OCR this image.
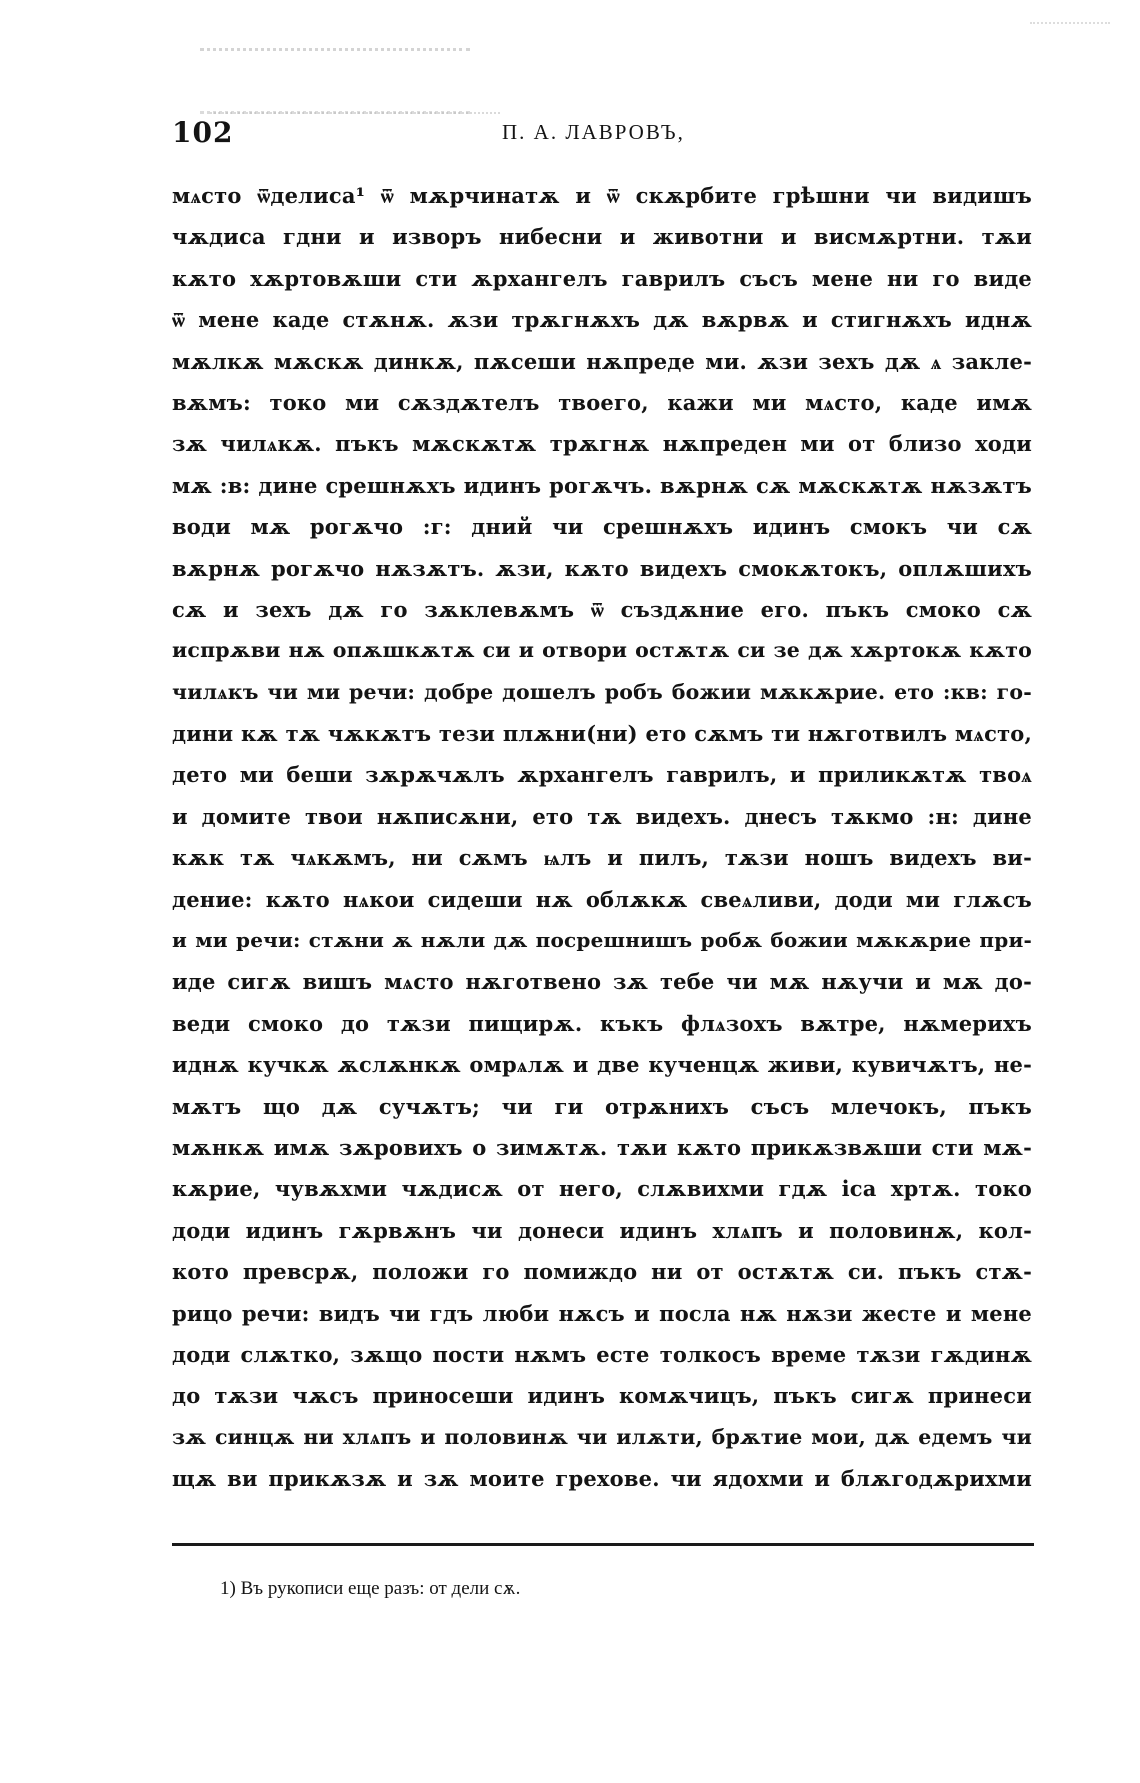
102	П. А. ЛАВРОВЪ,
мѧсто ѿделиса¹ ѿ мѫрчинатѫ и ѿ скѫрбите грѣшни чи видишъ
чѫдиса гдни и изворъ нибесни и животни и висмѫртни. тѫи
кѫто хѫртовѫши сти ѫрхангелъ гаврилъ съсъ мене ни го виде
ѿ мене каде стѫнѫ. ѫзи трѫгнѫхъ дѫ вѫрвѫ и стигнѫхъ иднѫ
мѫлкѫ мѫскѫ динкѫ, пѫсеши нѫпреде ми. ѫзи зехъ дѫ ѧ заклe-
вѫмъ: токо ми сѫздѫтелъ твоего, кажи ми мѧсто, каде имѫ
зѫ чилѧкѫ. пъкъ мѫскѫтѫ трѫгнѫ нѫпреден ми от близо ходи
мѫ :в: дине срешнѫхъ идинъ рогѫчъ. вѫрнѫ сѫ мѫскѫтѫ нѫзѫтъ
води мѫ рогѫчо :г: дний чи срешнѫхъ идинъ смокъ чи сѫ
вѫрнѫ рогѫчо нѫзѫтъ. ѫзи, кѫто видехъ смокѫтокъ, оплѫшихъ
сѫ и зехъ дѫ го зѫклевѫмъ ѿ създѫние его. пъкъ смоко сѫ
испрѫви нѫ опѫшкѫтѫ си и отвори остѫтѫ си зе дѫ хѫртокѫ кѫто
чилѧкъ чи ми речи: добре дошелъ робъ божии мѫкѫрие. ето :кв: го-
дини кѫ тѫ чѫкѫтъ тези плѫни(ни) ето сѫмъ ти нѫготвилъ мѧсто,
дето ми беши зѫрѫчѫлъ ѫрхангелъ гаврилъ, и приликѫтѫ твоѧ
и домите твои нѫписѫни, ето тѫ видехъ. днесъ тѫкмо :н: дине
кѫк тѫ чѧкѫмъ, ни сѫмъ ѩлъ и пилъ, тѫзи ношъ видехъ ви-
дение: кѫто нѧкои сидеши нѫ облѫкѫ свеѧливи, доди ми глѫсъ
и ми речи: стѫни ѫ нѫли дѫ посрешнишъ робѫ божии мѫкѫрие при-
иде сигѫ вишъ мѧсто нѫготвено зѫ тебе чи мѫ нѫучи и мѫ до-
веди смоко до тѫзи пищирѫ. къкъ флѧзохъ вѫтре, нѫмерихъ
иднѫ кучкѫ ѫслѫнкѫ омрѧлѫ и две кученцѫ живи, кувичѫтъ, не-
мѫтъ що дѫ сучѫтъ; чи ги отрѫнихъ съсъ млечокъ, пъкъ
мѫнкѫ имѫ зѫровихъ о зимѫтѫ. тѫи кѫто прикѫзвѫши сти мѫ-
кѫрие, чувѫхми чѫдисѫ от него, слѫвихми гдѫ іса хртѫ. токо
доди идинъ гѫрвѫнъ чи донеси идинъ хлѧпъ и половинѫ, кол-
кото превсрѫ, положи го помиждо ни от остѫтѫ си. пъкъ стѫ-
рицо речи: видъ чи гдъ люби нѫсъ и посла нѫ нѫзи жесте и мене
доди слѫтко, зѫщо пости нѫмъ есте толкосъ време тѫзи гѫдинѫ
до тѫзи чѫсъ приносеши идинъ комѫчицъ, пъкъ сигѫ принеси
зѫ синцѫ ни хлѧпъ и половинѫ чи илѫти, брѫтие мои, дѫ едемъ чи
щѫ ви прикѫзѫ и зѫ моите грехове. чи ядохми и блѫгодѫрихми
1) Въ рукописи еще разъ: от дели сѫ.
